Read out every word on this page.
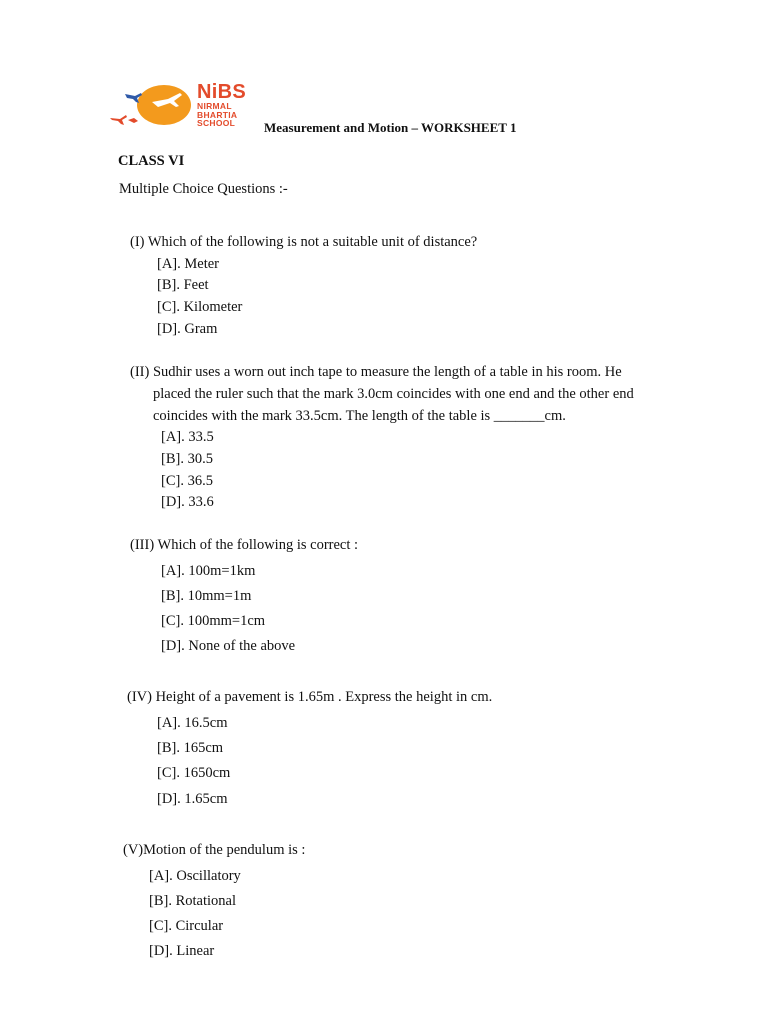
NiBS
NIRMAL
BHARTIA
SCHOOL	Measurement and Motion – WORKSHEET 1
CLASS VI
Multiple Choice Questions :-
(I) Which of the following is not a suitable unit of distance?
[A]. Meter
[B]. Feet
[C]. Kilometer
[D]. Gram
(II) Sudhir uses a worn out inch tape to measure the length of a table in his room. He
placed the ruler such that the mark 3.0cm coincides with one end and the other end
coincides with the mark 33.5cm. The length of the table is _______cm.
[A]. 33.5
[B]. 30.5
[C]. 36.5
[D]. 33.6
(III) Which of the following is correct :
[A]. 100m=1km
[B]. 10mm=1m
[C]. 100mm=1cm
[D]. None of the above
(IV) Height of a pavement is 1.65m . Express the height in cm.
[A]. 16.5cm
[B]. 165cm
[C]. 1650cm
[D]. 1.65cm
(V)Motion of the pendulum is :
[A]. Oscillatory
[B]. Rotational
[C]. Circular
[D]. Linear
